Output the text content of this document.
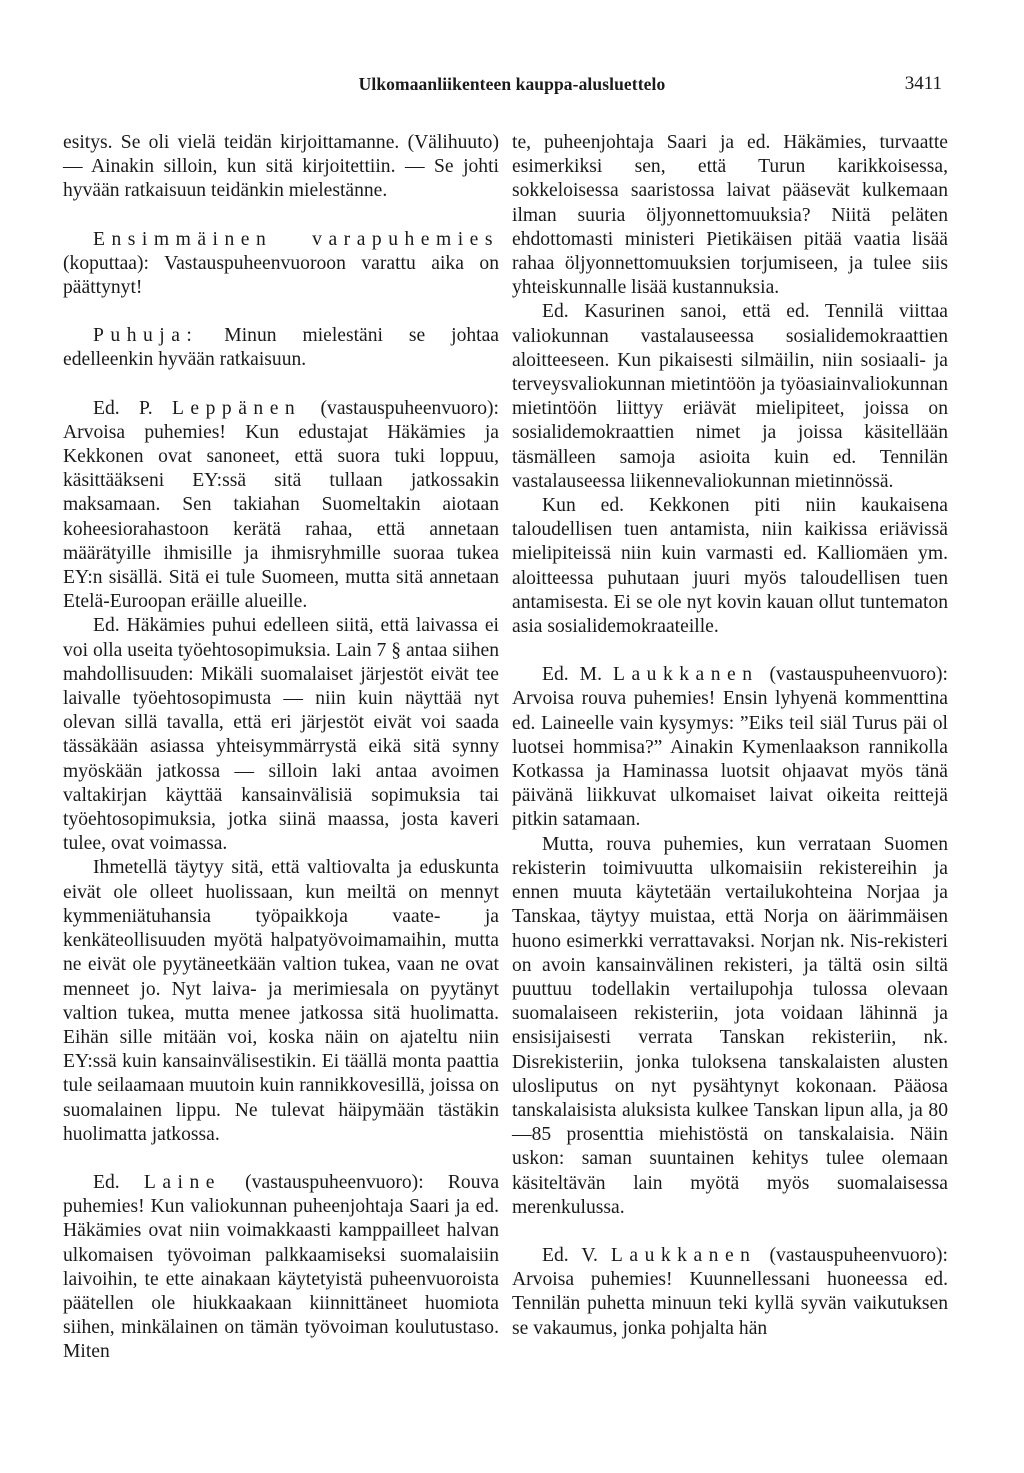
Ulkomaanliikenteen kauppa-alusluettelo	3411

esitys. Se oli vielä teidän kirjoittamanne. (Välihuuto) — Ainakin silloin, kun sitä kirjoitettiin. — Se johti hyvään ratkaisuun teidänkin mielestänne.

Ensimmäinen varapuhemies (koputtaa): Vastauspuheenvuoroon varattu aika on päättynyt!

Puhuja: Minun mielestäni se johtaa edelleenkin hyvään ratkaisuun.

Ed. P. Leppänen (vastauspuheenvuoro): Arvoisa puhemies! Kun edustajat Häkämies ja Kekkonen ovat sanoneet, että suora tuki loppuu, käsittääkseni EY:ssä sitä tullaan jatkossakin maksamaan. Sen takiahan Suomeltakin aiotaan koheesiorahastoon kerätä rahaa, että annetaan määrätyille ihmisille ja ihmisryhmille suoraa tukea EY:n sisällä. Sitä ei tule Suomeen, mutta sitä annetaan Etelä-Euroopan eräille alueille.

Ed. Häkämies puhui edelleen siitä, että laivassa ei voi olla useita työehtosopimuksia. Lain 7 § antaa siihen mahdollisuuden: Mikäli suomalaiset järjestöt eivät tee laivalle työehtosopimusta — niin kuin näyttää nyt olevan sillä tavalla, että eri järjestöt eivät voi saada tässäkään asiassa yhteisymmärrystä eikä sitä synny myöskään jatkossa — silloin laki antaa avoimen valtakirjan käyttää kansainvälisiä sopimuksia tai työehtosopimuksia, jotka siinä maassa, josta kaveri tulee, ovat voimassa.

Ihmetellä täytyy sitä, että valtiovalta ja eduskunta eivät ole olleet huolissaan, kun meiltä on mennyt kymmeniätuhansia työpaikkoja vaate- ja kenkäteollisuuden myötä halpatyövoimamaihin, mutta ne eivät ole pyytäneetkään valtion tukea, vaan ne ovat menneet jo. Nyt laiva- ja merimiesala on pyytänyt valtion tukea, mutta menee jatkossa sitä huolimatta. Eihän sille mitään voi, koska näin on ajateltu niin EY:ssä kuin kansainvälisestikin. Ei täällä monta paattia tule seilaamaan muutoin kuin rannikkovesillä, joissa on suomalainen lippu. Ne tulevat häipymään tästäkin huolimatta jatkossa.

Ed. Laine (vastauspuheenvuoro): Rouva puhemies! Kun valiokunnan puheenjohtaja Saari ja ed. Häkämies ovat niin voimakkaasti kamppailleet halvan ulkomaisen työvoiman palkkaamiseksi suomalaisiin laivoihin, te ette ainakaan käytetyistä puheenvuoroista päätellen ole hiukkaakaan kiinnittäneet huomiota siihen, minkälainen on tämän työvoiman koulutustaso. Miten

te, puheenjohtaja Saari ja ed. Häkämies, turvaatte esimerkiksi sen, että Turun karikkoisessa, sokkeloisessa saaristossa laivat pääsevät kulkemaan ilman suuria öljyonnettomuuksia? Niitä peläten ehdottomasti ministeri Pietikäisen pitää vaatia lisää rahaa öljyonnettomuuksien torjumiseen, ja tulee siis yhteiskunnalle lisää kustannuksia.

Ed. Kasurinen sanoi, että ed. Tennilä viittaa valiokunnan vastalauseessa sosialidemokraattien aloitteeseen. Kun pikaisesti silmäilin, niin sosiaali- ja terveysvaliokunnan mietintöön ja työasiainvaliokunnan mietintöön liittyy eriävät mielipiteet, joissa on sosialidemokraattien nimet ja joissa käsitellään täsmälleen samoja asioita kuin ed. Tennilän vastalauseessa liikennevaliokunnan mietinnössä.

Kun ed. Kekkonen piti niin kaukaisena taloudellisen tuen antamista, niin kaikissa eriävissä mielipiteissä niin kuin varmasti ed. Kalliomäen ym. aloitteessa puhutaan juuri myös taloudellisen tuen antamisesta. Ei se ole nyt kovin kauan ollut tuntematon asia sosialidemokraateille.

Ed. M. Laukkanen (vastauspuheenvuoro): Arvoisa rouva puhemies! Ensin lyhyenä kommenttina ed. Laineelle vain kysymys: ”Eiks teil siäl Turus päi ol luotsei hommisa?” Ainakin Kymenlaakson rannikolla Kotkassa ja Haminassa luotsit ohjaavat myös tänä päivänä liikkuvat ulkomaiset laivat oikeita reittejä pitkin satamaan.

Mutta, rouva puhemies, kun verrataan Suomen rekisterin toimivuutta ulkomaisiin rekistereihin ja ennen muuta käytetään vertailukohteina Norjaa ja Tanskaa, täytyy muistaa, että Norja on äärimmäisen huono esimerkki verrattavaksi. Norjan nk. Nis-rekisteri on avoin kansainvälinen rekisteri, ja tältä osin siltä puuttuu todellakin vertailupohja tulossa olevaan suomalaiseen rekisteriin, jota voidaan lähinnä ja ensisijaisesti verrata Tanskan rekisteriin, nk. Disrekisteriin, jonka tuloksena tanskalaisten alusten ulosliputus on nyt pysähtynyt kokonaan. Pääosa tanskalaisista aluksista kulkee Tanskan lipun alla, ja 80—85 prosenttia miehistöstä on tanskalaisia. Näin uskon: saman suuntainen kehitys tulee olemaan käsiteltävän lain myötä myös suomalaisessa merenkulussa.

Ed. V. Laukkanen (vastauspuheenvuoro): Arvoisa puhemies! Kuunnellessani huoneessa ed. Tennilän puhetta minuun teki kyllä syvän vaikutuksen se vakaumus, jonka pohjalta hän
